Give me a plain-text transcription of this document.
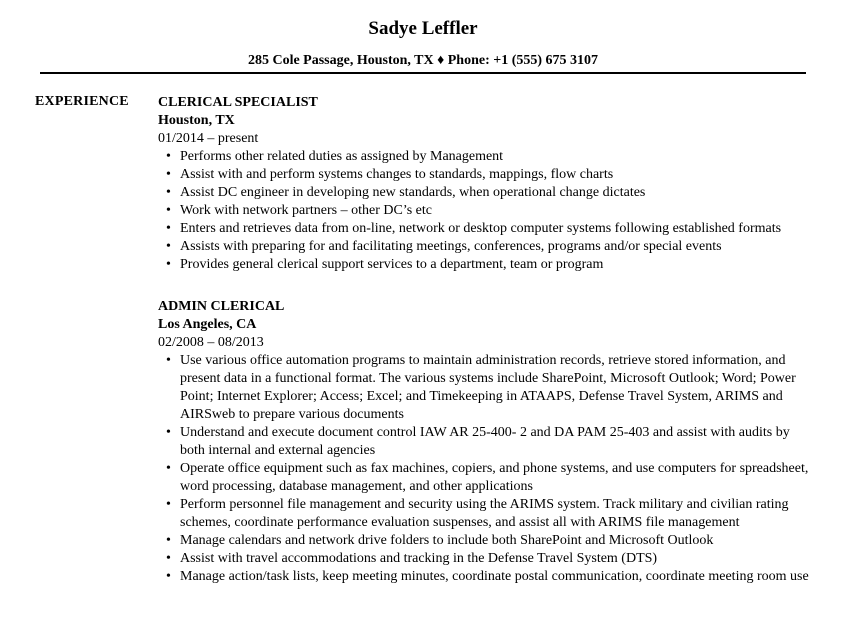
Sadye Leffler
285 Cole Passage, Houston, TX ♦ Phone: +1 (555) 675 3107
EXPERIENCE CLERICAL SPECIALIST
Houston, TX
01/2014 – present
• Performs other related duties as assigned by Management
• Assist with and perform systems changes to standards, mappings, flow charts
• Assist DC engineer in developing new standards, when operational change dictates
• Work with network partners – other DC’s etc
• Enters and retrieves data from on-line, network or desktop computer systems following established formats
• Assists with preparing for and facilitating meetings, conferences, programs and/or special events
• Provides general clerical support services to a department, team or program
ADMIN CLERICAL
Los Angeles, CA
02/2008 – 08/2013
• Use various office automation programs to maintain administration records, retrieve stored information, and present data in a functional format. The various systems include SharePoint, Microsoft Outlook; Word; Power Point; Internet Explorer; Access; Excel; and Timekeeping in ATAAPS, Defense Travel System, ARIMS and AIRSweb to prepare various documents
• Understand and execute document control IAW AR 25-400- 2 and DA PAM 25-403 and assist with audits by both internal and external agencies
• Operate office equipment such as fax machines, copiers, and phone systems, and use computers for spreadsheet, word processing, database management, and other applications
• Perform personnel file management and security using the ARIMS system. Track military and civilian rating schemes, coordinate performance evaluation suspenses, and assist all with ARIMS file management
• Manage calendars and network drive folders to include both SharePoint and Microsoft Outlook
• Assist with travel accommodations and tracking in the Defense Travel System (DTS)
• Manage action/task lists, keep meeting minutes, coordinate postal communication, coordinate meeting room use
